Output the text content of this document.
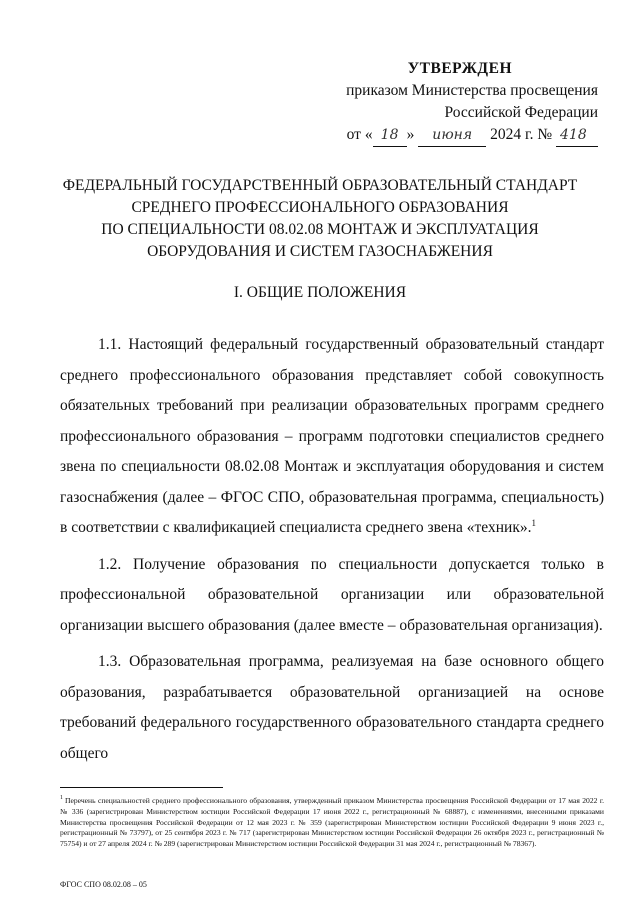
УТВЕРЖДЕН
приказом Министерства просвещения
Российской Федерации
от « 18 » июня 2024 г. № 418
ФЕДЕРАЛЬНЫЙ ГОСУДАРСТВЕННЫЙ ОБРАЗОВАТЕЛЬНЫЙ СТАНДАРТ
СРЕДНЕГО ПРОФЕССИОНАЛЬНОГО ОБРАЗОВАНИЯ
ПО СПЕЦИАЛЬНОСТИ 08.02.08 МОНТАЖ И ЭКСПЛУАТАЦИЯ
ОБОРУДОВАНИЯ И СИСТЕМ ГАЗОСНАБЖЕНИЯ
I. ОБЩИЕ ПОЛОЖЕНИЯ

1.1. Настоящий федеральный государственный образовательный стандарт среднего профессионального образования представляет собой совокупность обязательных требований при реализации образовательных программ среднего профессионального образования – программ подготовки специалистов среднего звена по специальности 08.02.08 Монтаж и эксплуатация оборудования и систем газоснабжения (далее – ФГОС СПО, образовательная программа, специальность) в соответствии с квалификацией специалиста среднего звена «техник».$^1$

1.2. Получение образования по специальности допускается только в профессиональной образовательной организации или образовательной организации высшего образования (далее вместе – образовательная организация).

1.3. Образовательная программа, реализуемая на базе основного общего образования, разрабатывается образовательной организацией на основе требований федерального государственного образовательного стандарта среднего общего

$^1$ Перечень специальностей среднего профессионального образования, утвержденный приказом Министерства просвещения Российской Федерации от 17 мая 2022 г. № 336 (зарегистрирован Министерством юстиции Российской Федерации 17 июня 2022 г., регистрационный № 68887), с изменениями, внесенными приказами Министерства просвещения Российской Федерации от 12 мая 2023 г. № 359 (зарегистрирован Министерством юстиции Российской Федерации 9 июня 2023 г., регистрационный № 73797), от 25 сентября 2023 г. № 717 (зарегистрирован Министерством юстиции Российской Федерации 26 октября 2023 г., регистрационный № 75754) и от 27 апреля 2024 г. № 289 (зарегистрирован Министерством юстиции Российской Федерации 31 мая 2024 г., регистрационный № 78367).
ФГОС СПО 08.02.08 – 05
